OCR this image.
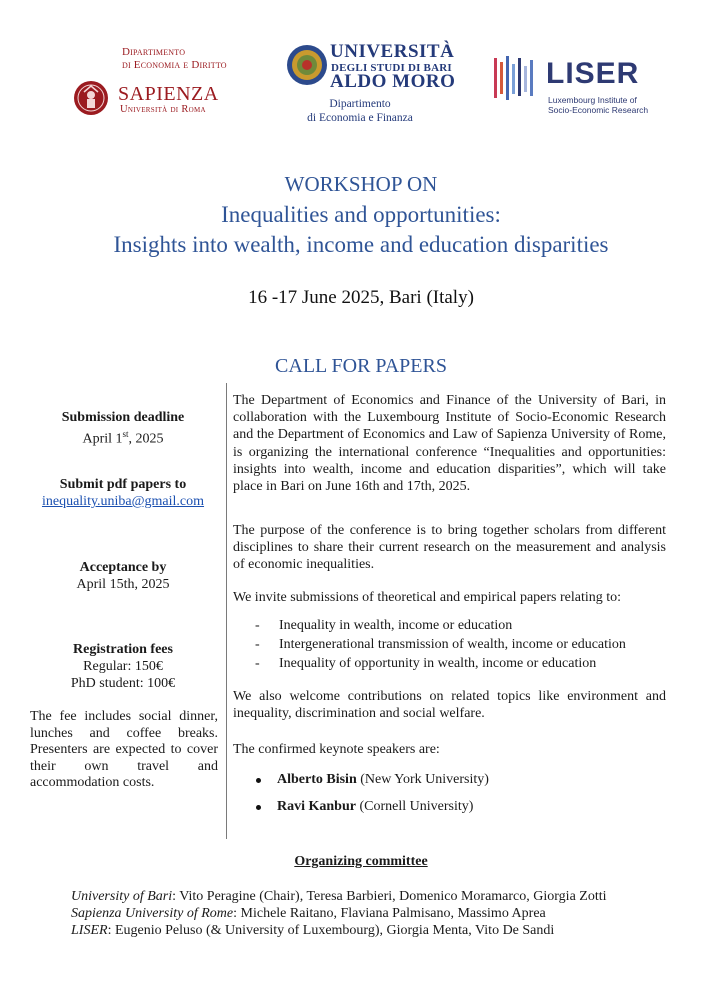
Dipartimento
di Economia e Diritto
SAPIENZA
Università di Roma
UNIVERSITÀ
DEGLI STUDI DI BARI
ALDO MORO
Dipartimento
di Economia e Finanza
LISER
Luxembourg Institute of
Socio-Economic Research
WORKSHOP ON
Inequalities and opportunities:
Insights into wealth, income and education disparities
16 -17 June 2025, Bari (Italy)
CALL FOR PAPERS
Submission deadline
April 1st, 2025
Submit pdf papers to
inequality.uniba@gmail.com
Acceptance by
April 15th, 2025
Registration fees
Regular: 150€
PhD student: 100€
The fee includes social dinner, lunches and coffee breaks. Presenters are expected to cover their own travel and accommodation costs.
The Department of Economics and Finance of the University of Bari, in collaboration with the Luxembourg Institute of Socio-Economic Research and the Department of Economics and Law of Sapienza University of Rome, is organizing the international conference “Inequalities and opportunities: insights into wealth, income and education disparities”, which will take place in Bari on June 16th and 17th, 2025.
The purpose of the conference is to bring together scholars from different disciplines to share their current research on the measurement and analysis of economic inequalities.
We invite submissions of theoretical and empirical papers relating to:
- Inequality in wealth, income or education
- Intergenerational transmission of wealth, income or education
- Inequality of opportunity in wealth, income or education
We also welcome contributions on related topics like environment and inequality, discrimination and social welfare.
The confirmed keynote speakers are:
Alberto Bisin (New York University)
Ravi Kanbur (Cornell University)
Organizing committee
University of Bari: Vito Peragine (Chair), Teresa Barbieri, Domenico Moramarco, Giorgia Zotti
Sapienza University of Rome: Michele Raitano, Flaviana Palmisano, Massimo Aprea
LISER: Eugenio Peluso (& University of Luxembourg), Giorgia Menta, Vito De Sandi
